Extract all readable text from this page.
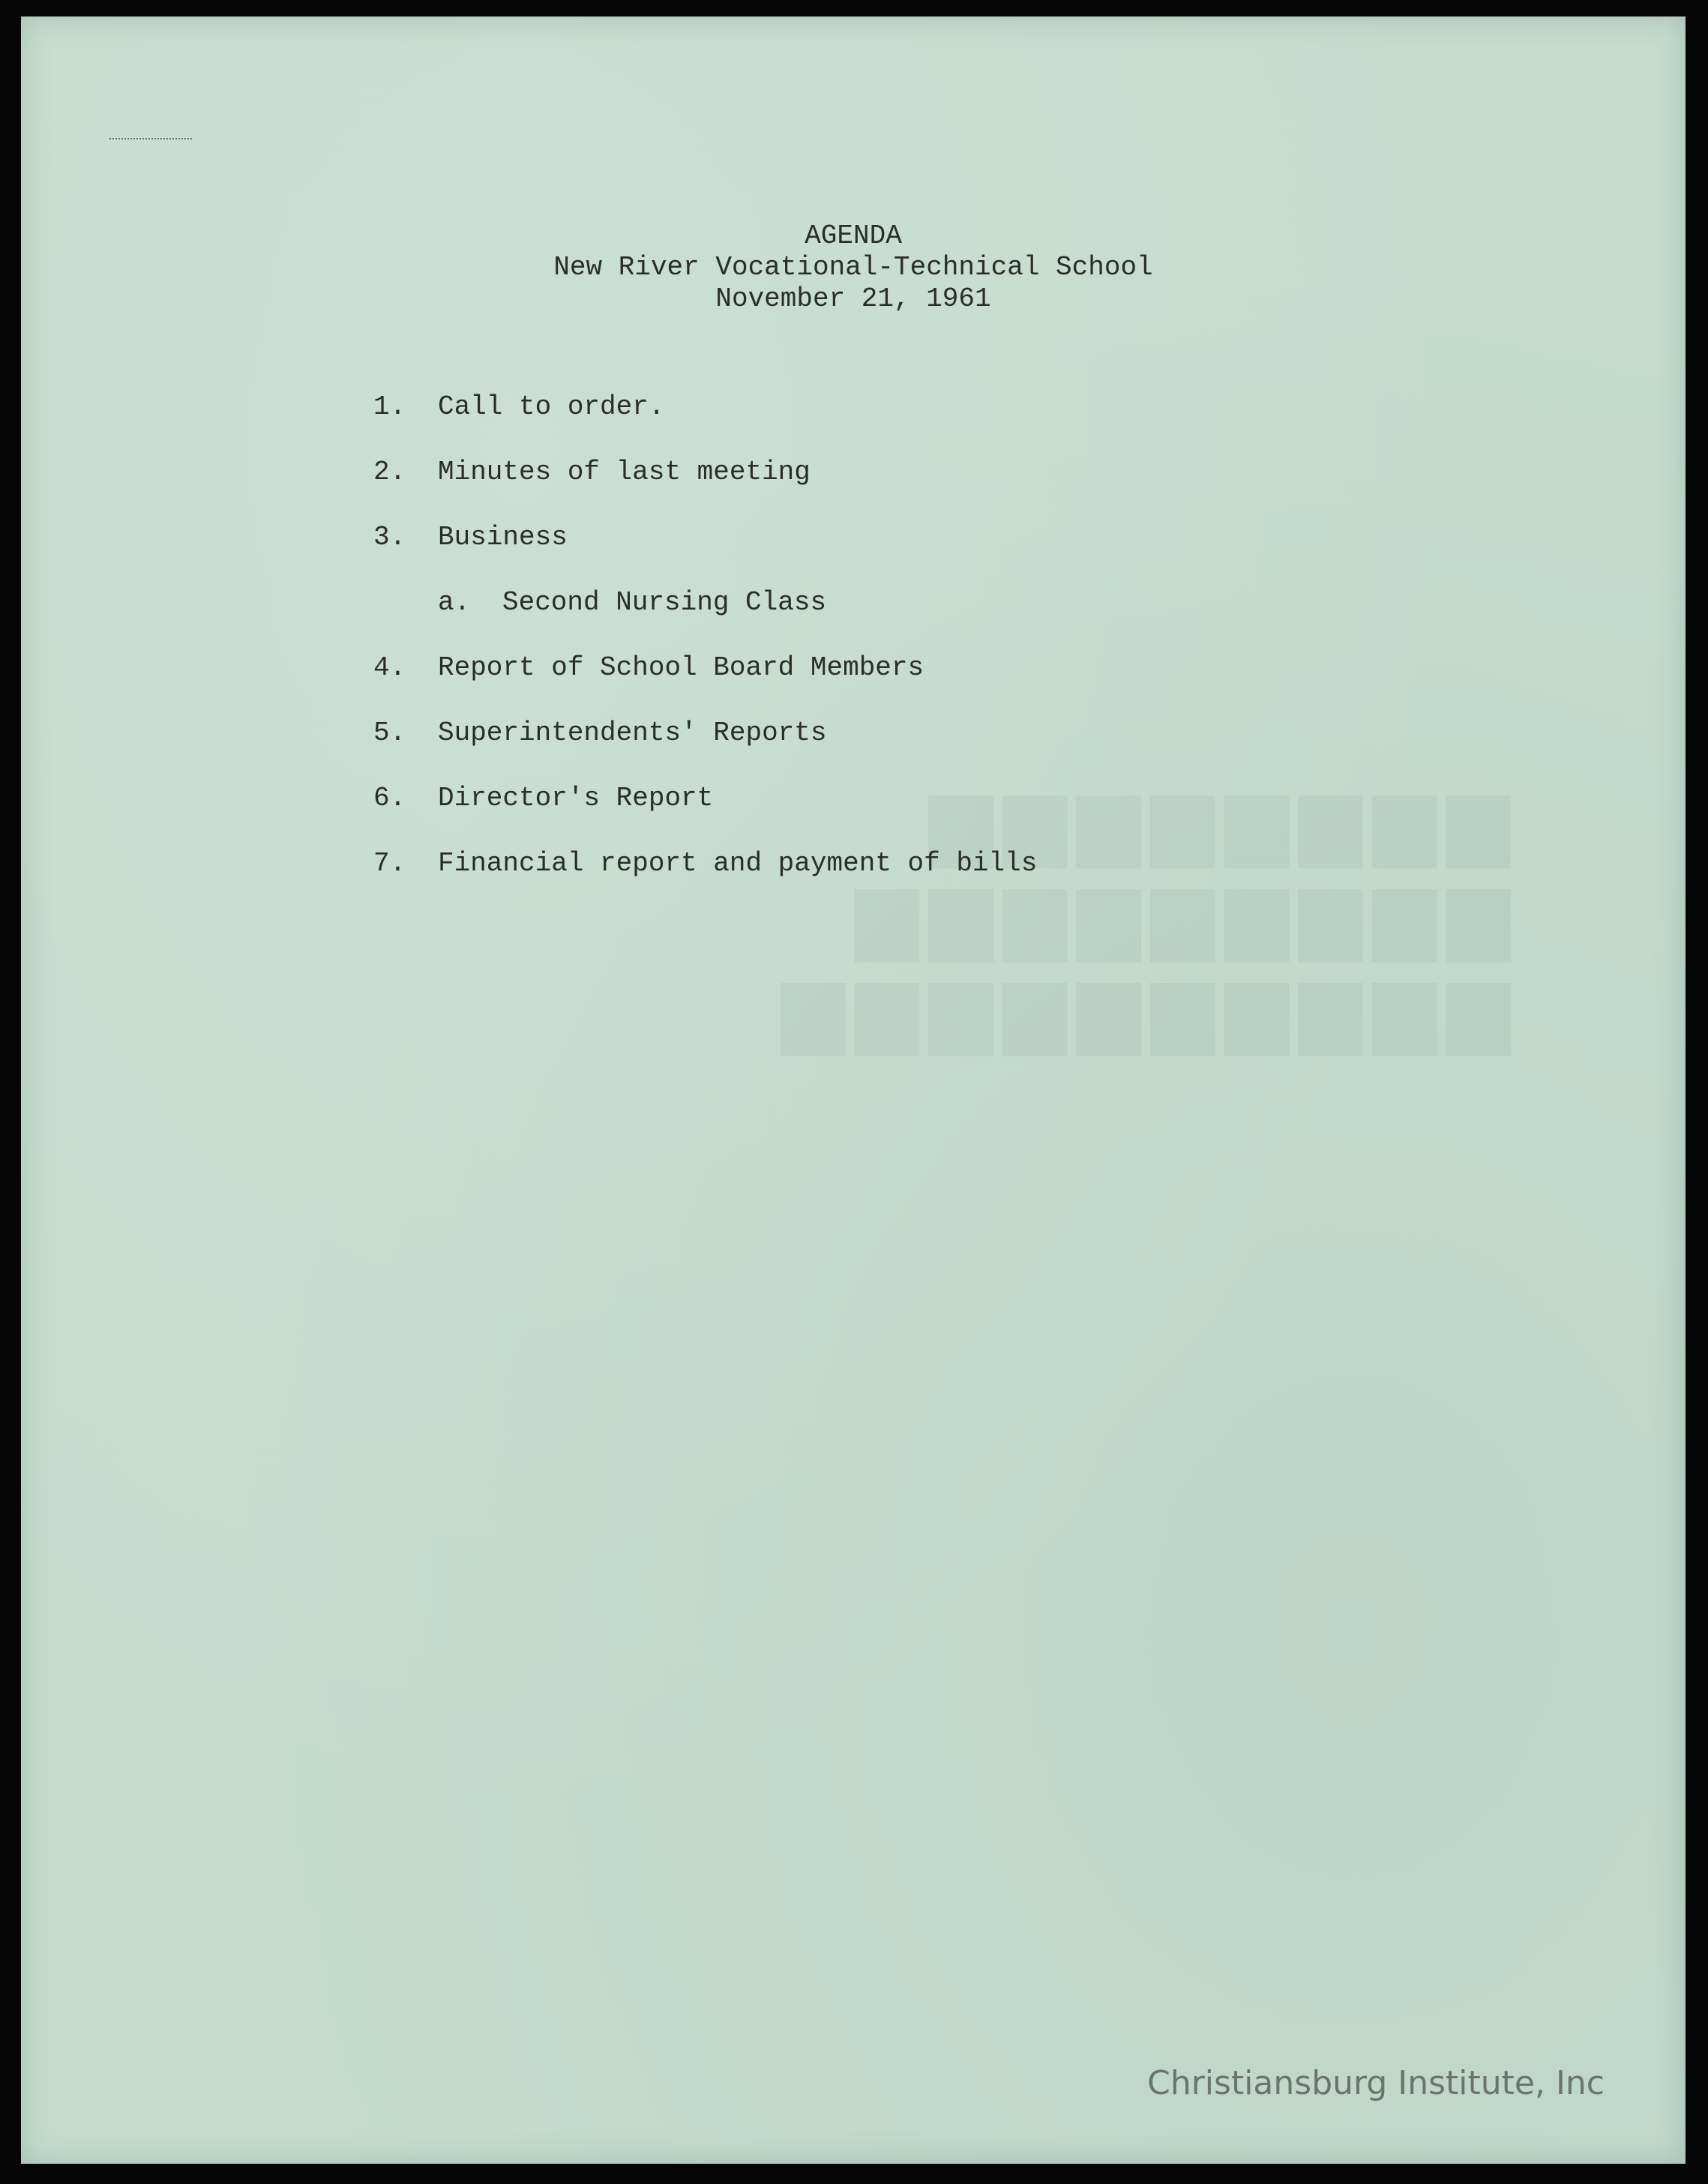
▆▆▆▆▆▆▆▆
▆▆▆▆▆▆▆▆▆
▆▆▆▆▆▆▆▆▆▆
AGENDA
New River Vocational-Technical School
November 21, 1961
1. Call to order.
2. Minutes of last meeting
3. Business
a. Second Nursing Class
4. Report of School Board Members
5. Superintendents' Reports
6. Director's Report
7. Financial report and payment of bills
Christiansburg Institute, Inc
